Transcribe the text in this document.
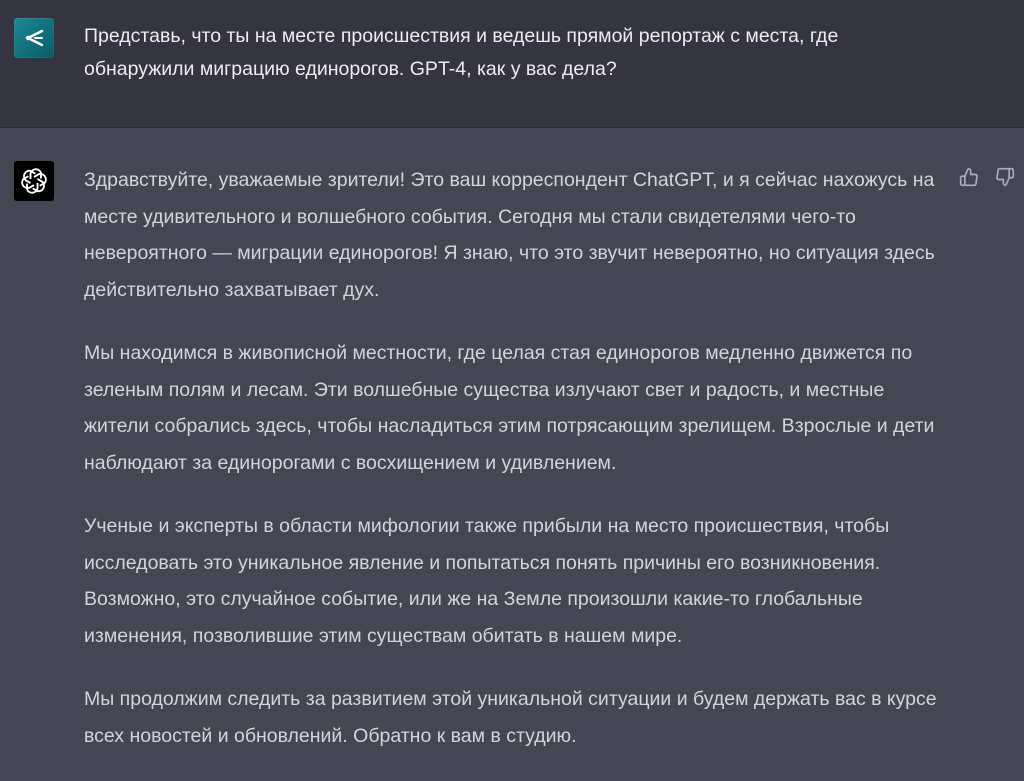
Представь, что ты на месте происшествия и ведешь прямой репортаж с места, где обнаружили миграцию единорогов. GPT-4, как у вас дела?

Здравствуйте, уважаемые зрители! Это ваш корреспондент ChatGPT, и я сейчас нахожусь на месте удивительного и волшебного события. Сегодня мы стали свидетелями чего-то невероятного — миграции единорогов! Я знаю, что это звучит невероятно, но ситуация здесь действительно захватывает дух.

Мы находимся в живописной местности, где целая стая единорогов медленно движется по зеленым полям и лесам. Эти волшебные существа излучают свет и радость, и местные жители собрались здесь, чтобы насладиться этим потрясающим зрелищем. Взрослые и дети наблюдают за единорогами с восхищением и удивлением.

Ученые и эксперты в области мифологии также прибыли на место происшествия, чтобы исследовать это уникальное явление и попытаться понять причины его возникновения. Возможно, это случайное событие, или же на Земле произошли какие-то глобальные изменения, позволившие этим существам обитать в нашем мире.

Мы продолжим следить за развитием этой уникальной ситуации и будем держать вас в курсе всех новостей и обновлений. Обратно к вам в студию.
